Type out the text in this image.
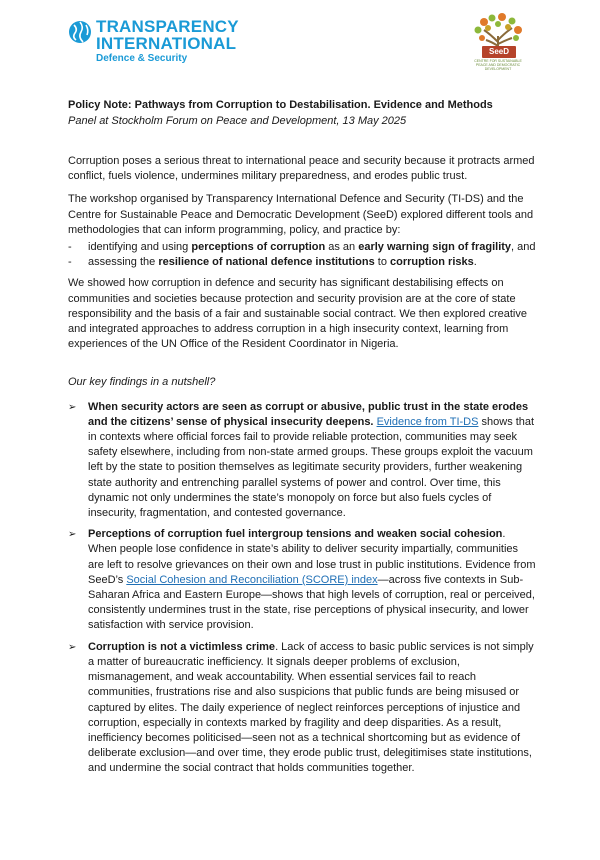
TRANSPARENCY
INTERNATIONAL
Defence & Security
SeeD
CENTRE FOR SUSTAINABLE PEACE AND DEMOCRATIC DEVELOPMENT

Policy Note: Pathways from Corruption to Destabilisation. Evidence and Methods

Panel at Stockholm Forum on Peace and Development, 13 May 2025

Corruption poses a serious threat to international peace and security because it protracts armed conflict, fuels violence, undermines military preparedness, and erodes public trust.

The workshop organised by Transparency International Defence and Security (TI-DS) and the Centre for Sustainable Peace and Democratic Development (SeeD) explored different tools and methodologies that can inform programming, policy, and practice by:

- identifying and using perceptions of corruption as an early warning sign of fragility, and
- assessing the resilience of national defence institutions to corruption risks.

We showed how corruption in defence and security has significant destabilising effects on communities and societies because protection and security provision are at the core of state responsibility and the basis of a fair and sustainable social contract. We then explored creative and integrated approaches to address corruption in a high insecurity context, learning from experiences of the UN Office of the Resident Coordinator in Nigeria.

Our key findings in a nutshell?

➢ When security actors are seen as corrupt or abusive, public trust in the state erodes and the citizens’ sense of physical insecurity deepens. Evidence from TI-DS shows that in contexts where official forces fail to provide reliable protection, communities may seek safety elsewhere, including from non-state armed groups. These groups exploit the vacuum left by the state to position themselves as legitimate security providers, further weakening state authority and entrenching parallel systems of power and control. Over time, this dynamic not only undermines the state’s monopoly on force but also fuels cycles of insecurity, fragmentation, and contested governance.
➢ Perceptions of corruption fuel intergroup tensions and weaken social cohesion. When people lose confidence in state’s ability to deliver security impartially, communities are left to resolve grievances on their own and lose trust in public institutions. Evidence from SeeD’s Social Cohesion and Reconciliation (SCORE) index—across five contexts in Sub-Saharan Africa and Eastern Europe—shows that high levels of corruption, real or perceived, consistently undermines trust in the state, rise perceptions of physical insecurity, and lower satisfaction with service provision.
➢ Corruption is not a victimless crime. Lack of access to basic public services is not simply a matter of bureaucratic inefficiency. It signals deeper problems of exclusion, mismanagement, and weak accountability. When essential services fail to reach communities, frustrations rise and also suspicions that public funds are being misused or captured by elites. The daily experience of neglect reinforces perceptions of injustice and corruption, especially in contexts marked by fragility and deep disparities. As a result, inefficiency becomes politicised—seen not as a technical shortcoming but as evidence of deliberate exclusion—and over time, they erode public trust, delegitimises state institutions, and undermine the social contract that holds communities together.
